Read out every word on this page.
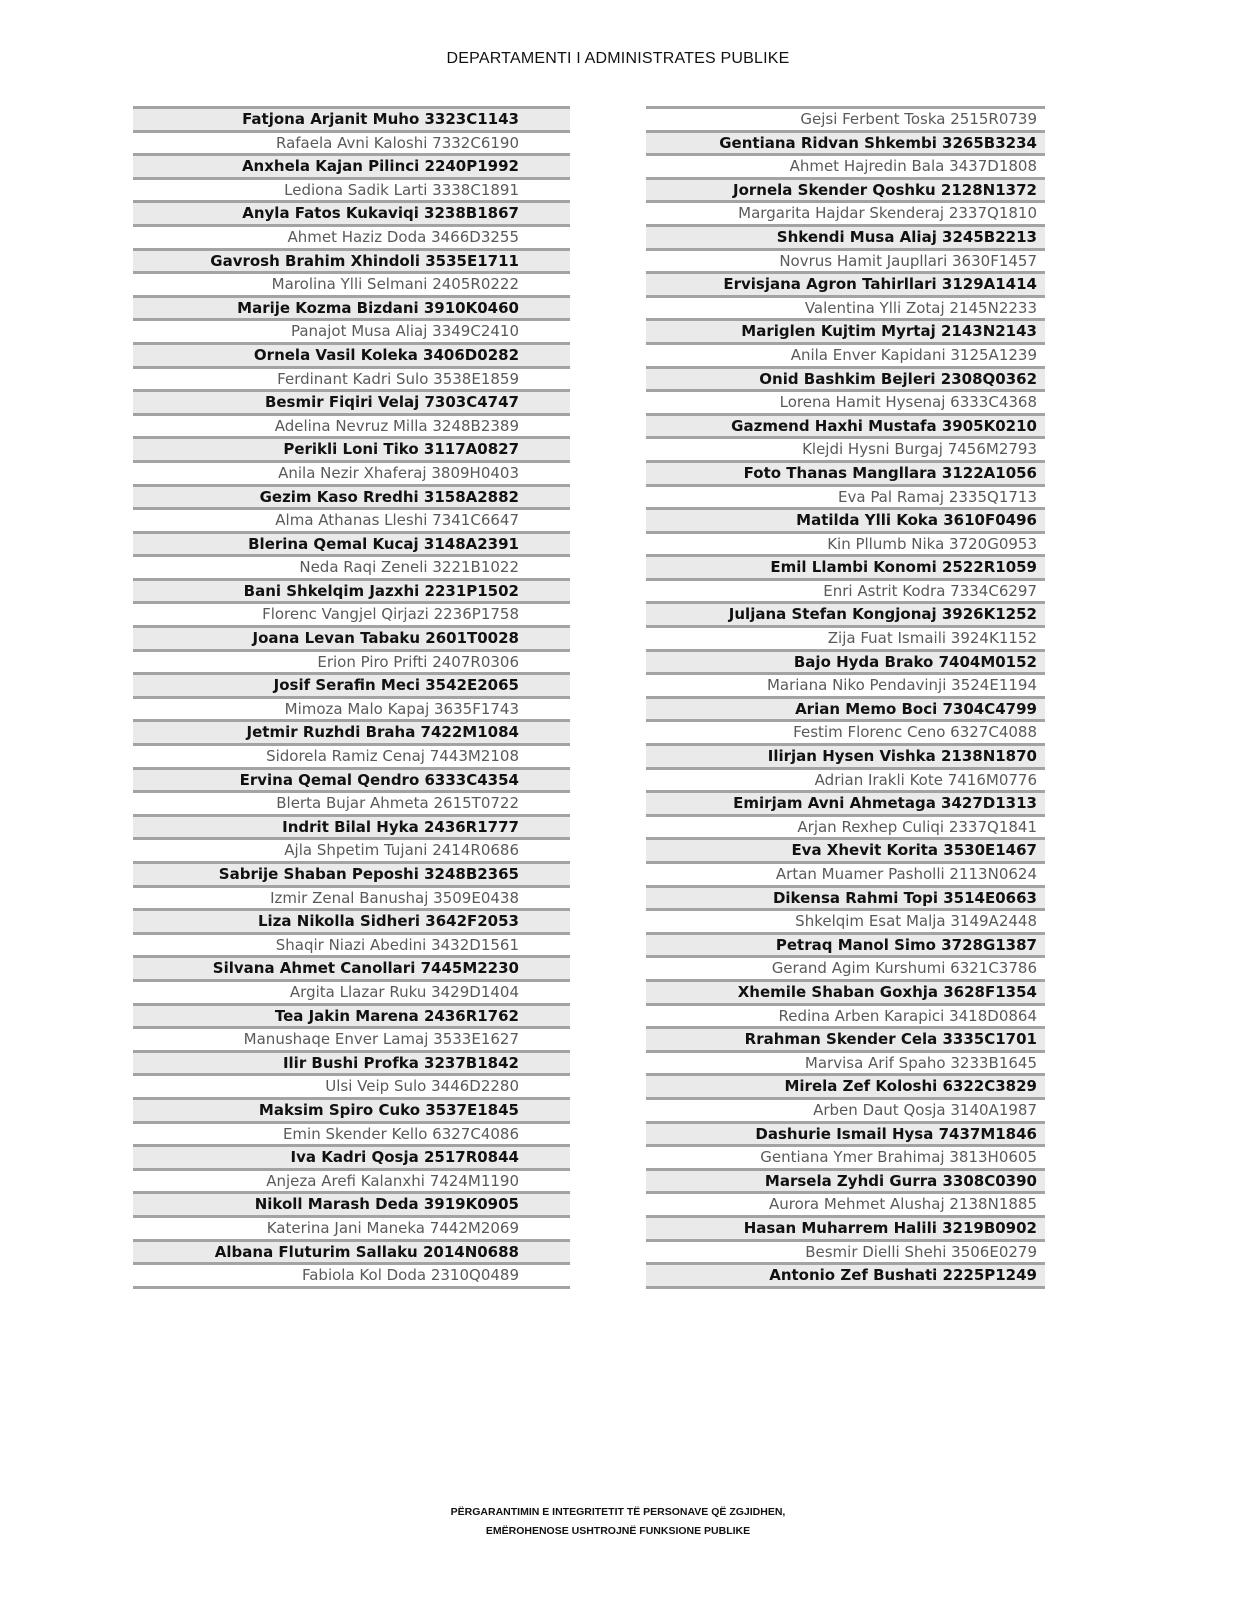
DEPARTAMENTI I ADMINISTRATES PUBLIKE
Fatjona Arjanit Muho 3323C1143
Rafaela Avni Kaloshi 7332C6190
Anxhela Kajan Pilinci 2240P1992
Lediona Sadik Larti 3338C1891
Anyla Fatos Kukaviqi 3238B1867
Ahmet Haziz Doda 3466D3255
Gavrosh Brahim Xhindoli 3535E1711
Marolina Ylli Selmani 2405R0222
Marije Kozma Bizdani 3910K0460
Panajot Musa Aliaj 3349C2410
Ornela Vasil Koleka 3406D0282
Ferdinant Kadri Sulo 3538E1859
Besmir Fiqiri Velaj 7303C4747
Adelina Nevruz Milla 3248B2389
Perikli Loni Tiko 3117A0827
Anila Nezir Xhaferaj 3809H0403
Gezim Kaso Rredhi 3158A2882
Alma Athanas Lleshi 7341C6647
Blerina Qemal Kucaj 3148A2391
Neda Raqi Zeneli 3221B1022
Bani Shkelqim Jazxhi 2231P1502
Florenc Vangjel Qirjazi 2236P1758
Joana Levan Tabaku 2601T0028
Erion Piro Prifti 2407R0306
Josif Serafin Meci 3542E2065
Mimoza Malo Kapaj 3635F1743
Jetmir Ruzhdi Braha 7422M1084
Sidorela Ramiz Cenaj 7443M2108
Ervina Qemal Qendro 6333C4354
Blerta Bujar Ahmeta 2615T0722
Indrit Bilal Hyka 2436R1777
Ajla Shpetim Tujani 2414R0686
Sabrije Shaban Peposhi 3248B2365
Izmir Zenal Banushaj 3509E0438
Liza Nikolla Sidheri 3642F2053
Shaqir Niazi Abedini 3432D1561
Silvana Ahmet Canollari 7445M2230
Argita Llazar Ruku 3429D1404
Tea Jakin Marena 2436R1762
Manushaqe Enver Lamaj 3533E1627
Ilir Bushi Profka 3237B1842
Ulsi Veip Sulo 3446D2280
Maksim Spiro Cuko 3537E1845
Emin Skender Kello 6327C4086
Iva Kadri Qosja 2517R0844
Anjeza Arefi Kalanxhi 7424M1190
Nikoll Marash Deda 3919K0905
Katerina Jani Maneka 7442M2069
Albana Fluturim Sallaku 2014N0688
Fabiola Kol Doda 2310Q0489
Gejsi Ferbent Toska 2515R0739
Gentiana Ridvan Shkembi 3265B3234
Ahmet Hajredin Bala 3437D1808
Jornela Skender Qoshku 2128N1372
Margarita Hajdar Skenderaj 2337Q1810
Shkendi Musa Aliaj 3245B2213
Novrus Hamit Jaupllari 3630F1457
Ervisjana Agron Tahirllari 3129A1414
Valentina Ylli Zotaj 2145N2233
Mariglen Kujtim Myrtaj 2143N2143
Anila Enver Kapidani 3125A1239
Onid Bashkim Bejleri 2308Q0362
Lorena Hamit Hysenaj 6333C4368
Gazmend Haxhi Mustafa 3905K0210
Klejdi Hysni Burgaj 7456M2793
Foto Thanas Mangllara 3122A1056
Eva Pal Ramaj 2335Q1713
Matilda Ylli Koka 3610F0496
Kin Pllumb Nika 3720G0953
Emil Llambi Konomi 2522R1059
Enri Astrit Kodra 7334C6297
Juljana Stefan Kongjonaj 3926K1252
Zija Fuat Ismaili 3924K1152
Bajo Hyda Brako 7404M0152
Mariana Niko Pendavinji 3524E1194
Arian Memo Boci 7304C4799
Festim Florenc Ceno 6327C4088
Ilirjan Hysen Vishka 2138N1870
Adrian Irakli Kote 7416M0776
Emirjam Avni Ahmetaga 3427D1313
Arjan Rexhep Culiqi 2337Q1841
Eva Xhevit Korita 3530E1467
Artan Muamer Pasholli 2113N0624
Dikensa Rahmi Topi 3514E0663
Shkelqim Esat Malja 3149A2448
Petraq Manol Simo 3728G1387
Gerand Agim Kurshumi 6321C3786
Xhemile Shaban Goxhja 3628F1354
Redina Arben Karapici 3418D0864
Rrahman Skender Cela 3335C1701
Marvisa Arif Spaho 3233B1645
Mirela Zef Koloshi 6322C3829
Arben Daut Qosja 3140A1987
Dashurie Ismail Hysa 7437M1846
Gentiana Ymer Brahimaj 3813H0605
Marsela Zyhdi Gurra 3308C0390
Aurora Mehmet Alushaj 2138N1885
Hasan Muharrem Halili 3219B0902
Besmir Dielli Shehi 3506E0279
Antonio Zef Bushati 2225P1249
PËRGARANTIMIN E INTEGRITETIT TË PERSONAVE QË ZGJIDHEN,
EMËROHENOSE USHTROJNË FUNKSIONE PUBLIKE
